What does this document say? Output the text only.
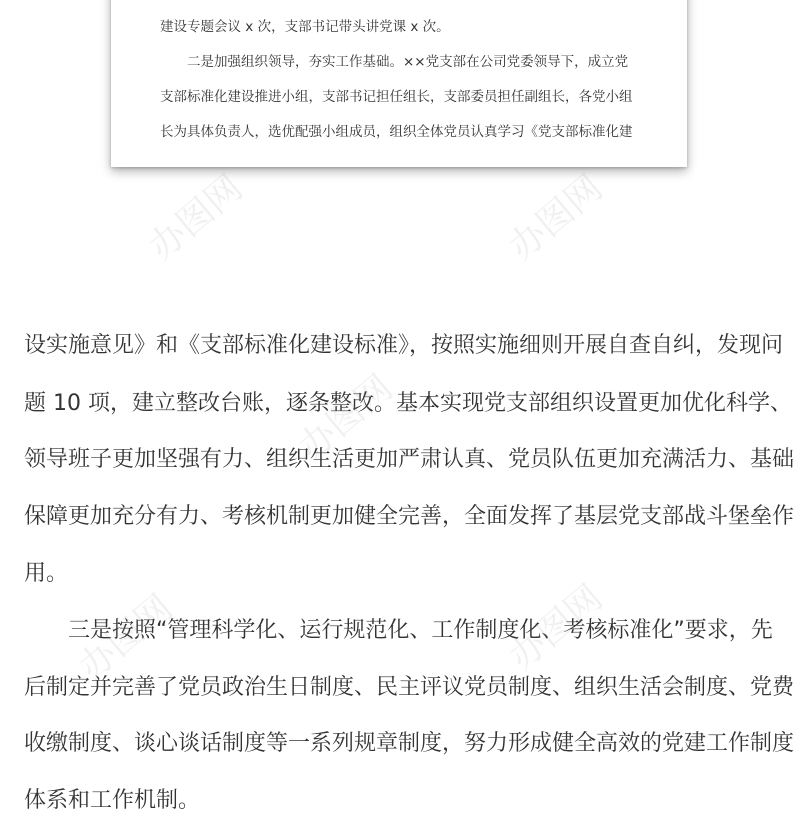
建设专题会议 x 次，支部书记带头讲党课 x 次。

　　二是加强组织领导，夯实工作基础。××党支部在公司党委领导下，成立党

支部标准化建设推进小组，支部书记担任组长，支部委员担任副组长，各党小组

长为具体负责人，选优配强小组成员，组织全体党员认真学习《党支部标准化建

设实施意见》和《支部标准化建设标准》，按照实施细则开展自查自纠，发现问

题 10 项，建立整改台账，逐条整改。基本实现党支部组织设置更加优化科学、

领导班子更加坚强有力、组织生活更加严肃认真、党员队伍更加充满活力、基础

保障更加充分有力、考核机制更加健全完善，全面发挥了基层党支部战斗堡垒作

用。

　　三是按照“管理科学化、运行规范化、工作制度化、考核标准化”要求，先

后制定并完善了党员政治生日制度、民主评议党员制度、组织生活会制度、党费

收缴制度、谈心谈话制度等一系列规章制度，努力形成健全高效的党建工作制度

体系和工作机制。

办图网	办图网
办图网
办图网	办图网
